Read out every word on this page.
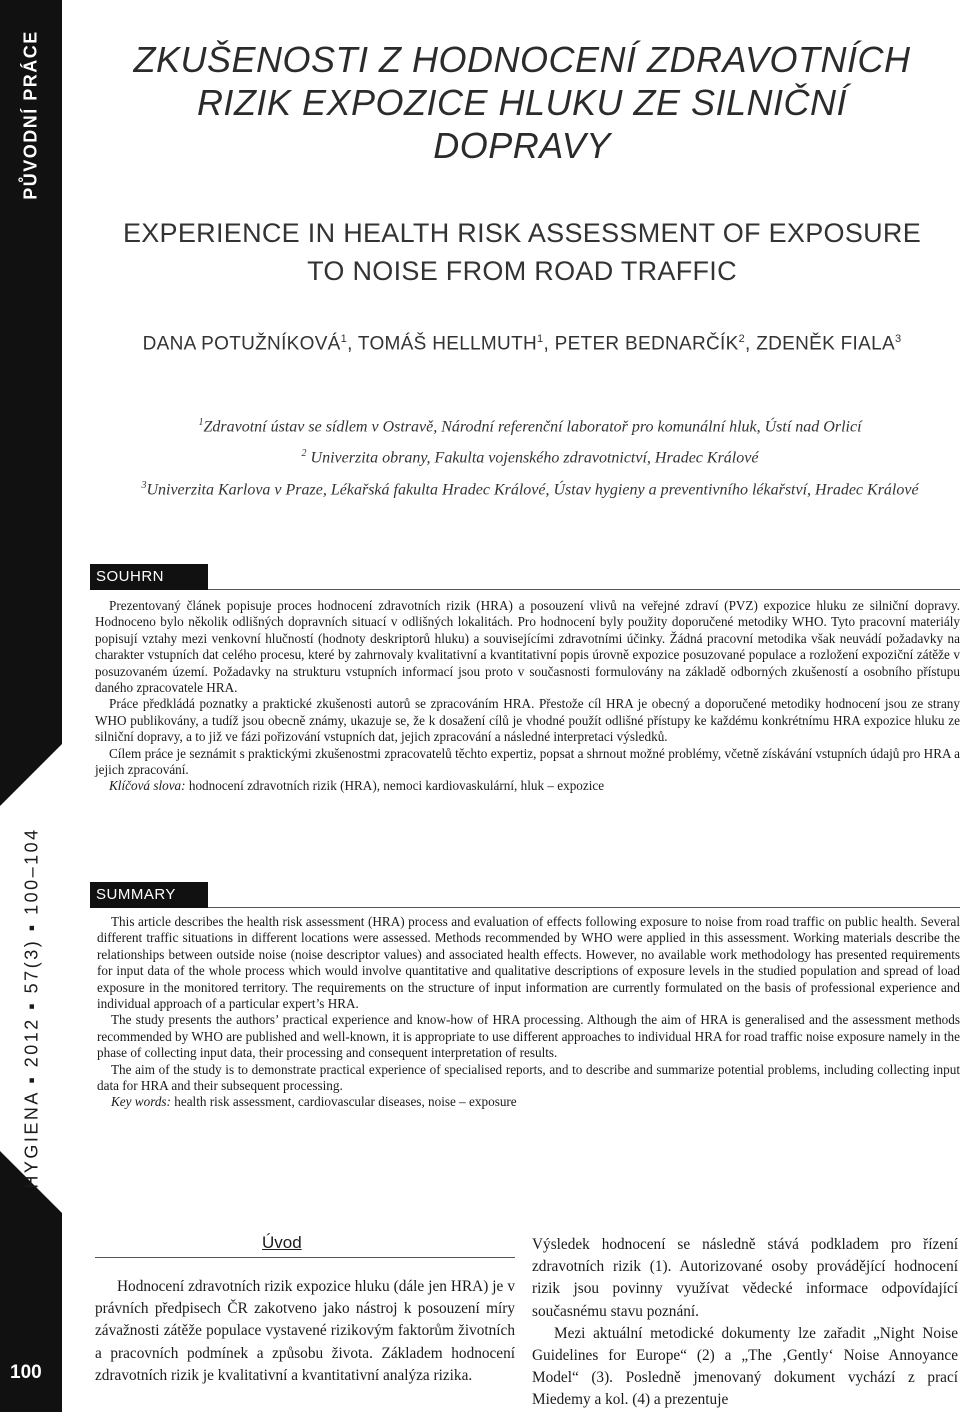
PŮVODNÍ PRÁCE
HYGIENA ▪ 2012 ▪ 57(3) ▪ 100–104
100
ZKUŠENOSTI Z HODNOCENÍ ZDRAVOTNÍCH
RIZIK EXPOZICE HLUKU ZE SILNIČNÍ
DOPRAVY
EXPERIENCE IN HEALTH RISK ASSESSMENT OF EXPOSURE
TO NOISE FROM ROAD TRAFFIC
DANA POTUŽNÍKOVÁ$^1$, TOMÁŠ HELLMUTH$^1$, PETER BEDNARČÍK$^2$, ZDENĚK FIALA$^3$
$^1$Zdravotní ústav se sídlem v Ostravě, Národní referenční laboratoř pro komunální hluk, Ústí nad Orlicí
$^2$ Univerzita obrany, Fakulta vojenského zdravotnictví, Hradec Králové
$^3$Univerzita Karlova v Praze, Lékařská fakulta Hradec Králové, Ústav hygieny a preventivního lékařství, Hradec Králové
SOUHRN

Prezentovaný článek popisuje proces hodnocení zdravotních rizik (HRA) a posouzení vlivů na veřejné zdraví (PVZ) expozice hluku ze silniční dopravy. Hodnoceno bylo několik odlišných dopravních situací v odlišných lokalitách. Pro hodnocení byly použity doporučené metodiky WHO. Tyto pracovní materiály popisují vztahy mezi venkovní hlučností (hodnoty deskriptorů hluku) a souvisejícími zdravotními účinky. Žádná pracovní metodika však neuvádí požadavky na charakter vstupních dat celého procesu, které by zahrnovaly kvalitativní a kvantitativní popis úrovně expozice posuzované populace a rozložení expoziční zátěže v posuzovaném území. Požadavky na strukturu vstupních informací jsou proto v současnosti formulovány na základě odborných zkušeností a osobního přístupu daného zpracovatele HRA.

Práce předkládá poznatky a praktické zkušenosti autorů se zpracováním HRA. Přestože cíl HRA je obecný a doporučené metodiky hodnocení jsou ze strany WHO publikovány, a tudíž jsou obecně známy, ukazuje se, že k dosažení cílů je vhodné použít odlišné přístupy ke každému konkrétnímu HRA expozice hluku ze silniční dopravy, a to již ve fázi pořizování vstupních dat, jejich zpracování a následné interpretaci výsledků.

Cílem práce je seznámit s praktickými zkušenostmi zpracovatelů těchto expertiz, popsat a shrnout možné problémy, včetně získávání vstupních údajů pro HRA a jejich zpracování.

Klíčová slova: hodnocení zdravotních rizik (HRA), nemoci kardiovaskulární, hluk – expozice

SUMMARY

This article describes the health risk assessment (HRA) process and evaluation of effects following exposure to noise from road traffic on public health. Several different traffic situations in different locations were assessed. Methods recommended by WHO were applied in this assessment. Working materials describe the relationships between outside noise (noise descriptor values) and associated health effects. However, no available work methodology has presented requirements for input data of the whole process which would involve quantitative and qualitative descriptions of exposure levels in the studied population and spread of load exposure in the monitored territory. The requirements on the structure of input information are currently formulated on the basis of professional experience and individual approach of a particular expert’s HRA.

The study presents the authors’ practical experience and know-how of HRA processing. Although the aim of HRA is generalised and the assessment methods recommended by WHO are published and well-known, it is appropriate to use different approaches to individual HRA for road traffic noise exposure namely in the phase of collecting input data, their processing and consequent interpretation of results.

The aim of the study is to demonstrate practical experience of specialised reports, and to describe and summarize potential problems, including collecting input data for HRA and their subsequent processing.

Key words: health risk assessment, cardiovascular diseases, noise – exposure

Úvod

Hodnocení zdravotních rizik expozice hluku (dále jen HRA) je v právních předpisech ČR zakotveno jako nástroj k posouzení míry závažnosti zátěže populace vystavené rizikovým faktorům životních a pracovních podmínek a způsobu života. Základem hodnocení zdravotních rizik je kvalitativní a kvantitativní analýza rizika.

Výsledek hodnocení se následně stává podkladem pro řízení zdravotních rizik (1). Autorizované osoby provádějící hodnocení rizik jsou povinny využívat vědecké informace odpovídající současnému stavu poznání.

Mezi aktuální metodické dokumenty lze zařadit „Night Noise Guidelines for Europe“ (2) a „The ‚Gently‘ Noise Annoyance Model“ (3). Posledně jmenovaný dokument vychází z prací Miedemy a kol. (4) a prezentuje
